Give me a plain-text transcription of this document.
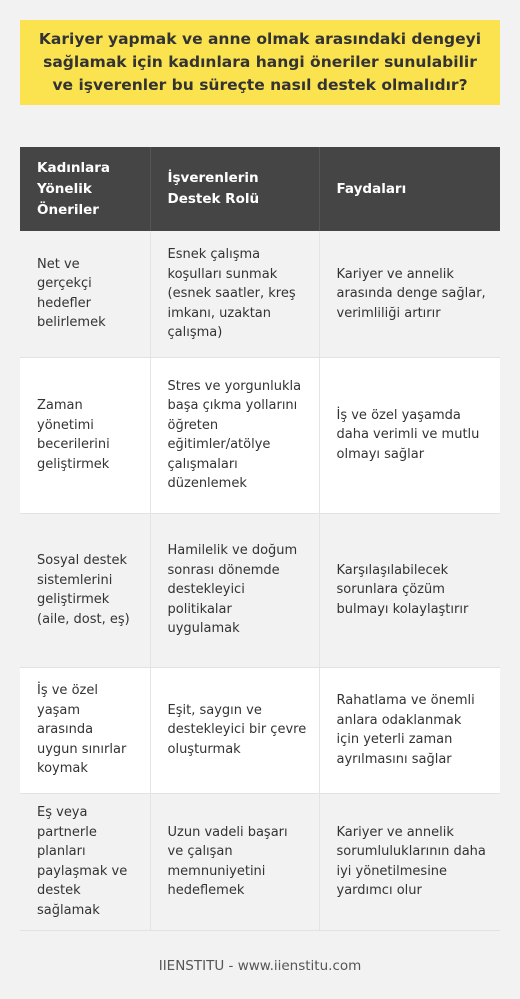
Kariyer yapmak ve anne olmak arasındaki dengeyi sağlamak için kadınlara hangi öneriler sunulabilir ve işverenler bu süreçte nasıl destek olmalıdır?
Kadınlara Yönelik Öneriler	İşverenlerin Destek Rolü	Faydaları
Net ve gerçekçi hedefler belirlemek	Esnek çalışma koşulları sunmak (esnek saatler, kreş imkanı, uzaktan çalışma)	Kariyer ve annelik arasında denge sağlar, verimliliği artırır
Zaman yönetimi becerilerini geliştirmek	Stres ve yorgunlukla başa çıkma yollarını öğreten eğitimler/atölye çalışmaları düzenlemek	İş ve özel yaşamda daha verimli ve mutlu olmayı sağlar
Sosyal destek sistemlerini geliştirmek (aile, dost, eş)	Hamilelik ve doğum sonrası dönemde destekleyici politikalar uygulamak	Karşılaşılabilecek sorunlara çözüm bulmayı kolaylaştırır
İş ve özel yaşam arasında uygun sınırlar koymak	Eşit, saygın ve destekleyici bir çevre oluşturmak	Rahatlama ve önemli anlara odaklanmak için yeterli zaman ayrılmasını sağlar
Eş veya partnerle planları paylaşmak ve destek sağlamak	Uzun vadeli başarı ve çalışan memnuniyetini hedeflemek	Kariyer ve annelik sorumluluklarının daha iyi yönetilmesine yardımcı olur
IIENSTITU - www.iienstitu.com
